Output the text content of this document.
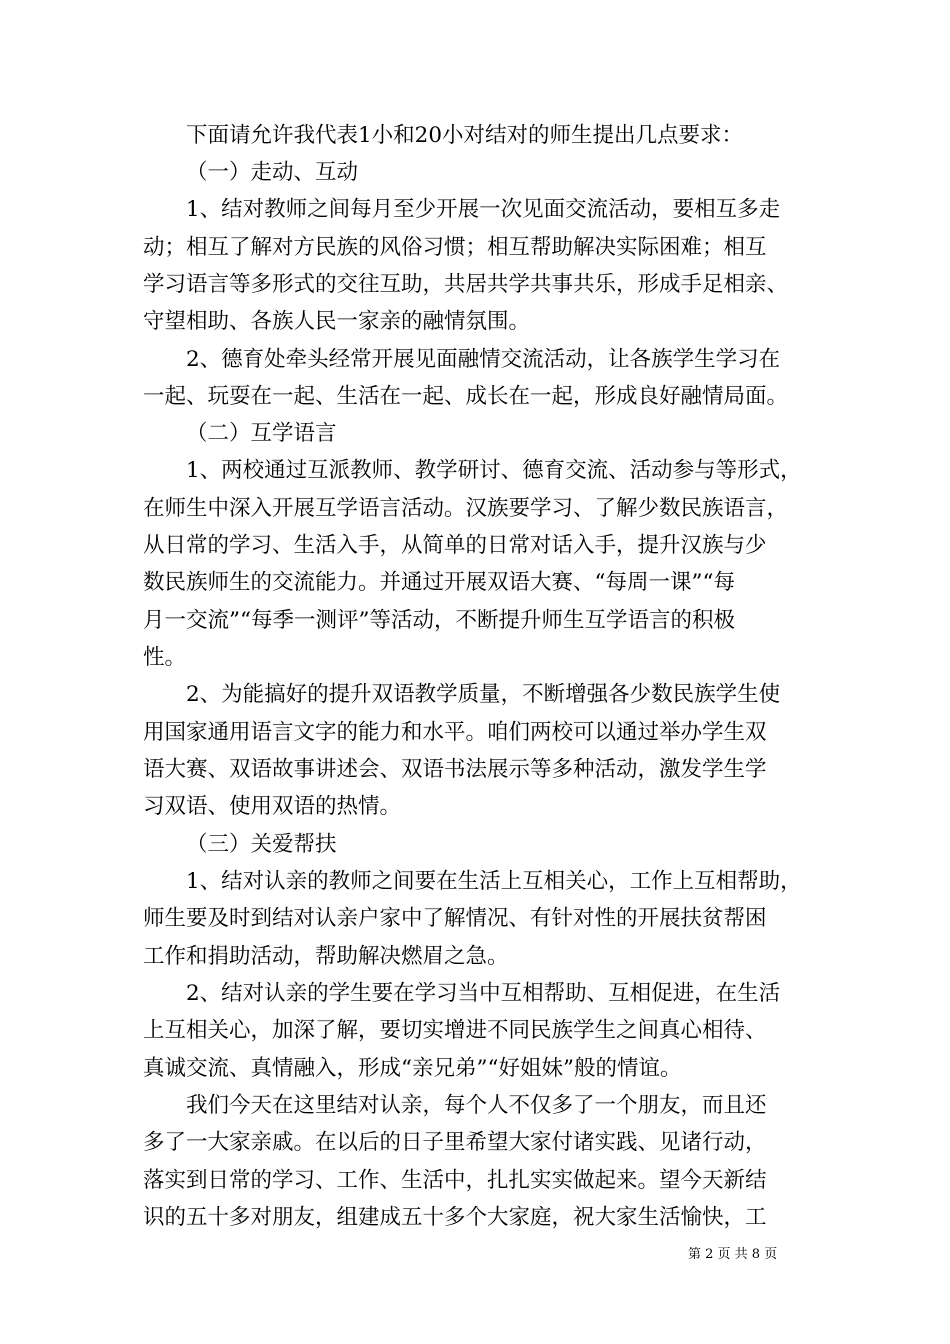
下面请允许我代表1小和20小对结对的师生提出几点要求：
（一）走动、互动
1、结对教师之间每月至少开展一次见面交流活动，要相互多走
动；相互了解对方民族的风俗习惯；相互帮助解决实际困难；相互
学习语言等多形式的交往互助，共居共学共事共乐，形成手足相亲、
守望相助、各族人民一家亲的融情氛围。
2、德育处牵头经常开展见面融情交流活动，让各族学生学习在
一起、玩耍在一起、生活在一起、成长在一起，形成良好融情局面。
（二）互学语言
1、两校通过互派教师、教学研讨、德育交流、活动参与等形式，
在师生中深入开展互学语言活动。汉族要学习、了解少数民族语言，
从日常的学习、生活入手，从简单的日常对话入手，提升汉族与少
数民族师生的交流能力。并通过开展双语大赛、“每周一课”“每
月一交流”“每季一测评”等活动，不断提升师生互学语言的积极
性。
2、为能搞好的提升双语教学质量，不断增强各少数民族学生使
用国家通用语言文字的能力和水平。咱们两校可以通过举办学生双
语大赛、双语故事讲述会、双语书法展示等多种活动，激发学生学
习双语、使用双语的热情。
（三）关爱帮扶
1、结对认亲的教师之间要在生活上互相关心，工作上互相帮助，
师生要及时到结对认亲户家中了解情况、有针对性的开展扶贫帮困
工作和捐助活动，帮助解决燃眉之急。
2、结对认亲的学生要在学习当中互相帮助、互相促进，在生活
上互相关心，加深了解，要切实增进不同民族学生之间真心相待、
真诚交流、真情融入，形成“亲兄弟”“好姐妹”般的情谊。
我们今天在这里结对认亲，每个人不仅多了一个朋友，而且还
多了一大家亲戚。在以后的日子里希望大家付诸实践、见诸行动，
落实到日常的学习、工作、生活中，扎扎实实做起来。望今天新结
识的五十多对朋友，组建成五十多个大家庭，祝大家生活愉快，工
第 2 页 共 8 页
